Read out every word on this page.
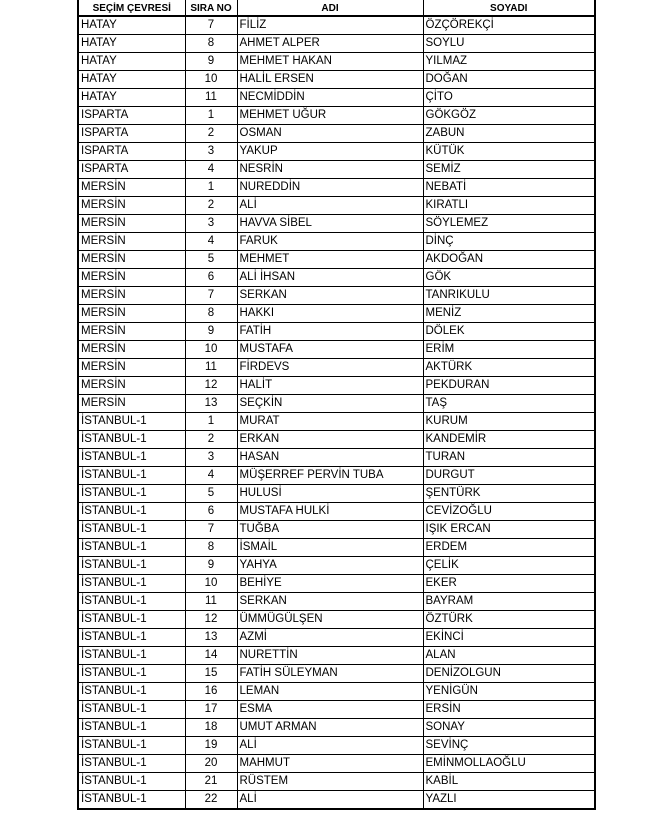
SEÇİM ÇEVRESİ	SIRA NO	ADI	SOYADI
HATAY	7	FİLİZ	ÖZÇÖREKÇİ
HATAY	8	AHMET ALPER	SOYLU
HATAY	9	MEHMET HAKAN	YILMAZ
HATAY	10	HALİL ERSEN	DOĞAN
HATAY	11	NECMİDDİN	ÇİTO
ISPARTA	1	MEHMET UĞUR	GÖKGÖZ
ISPARTA	2	OSMAN	ZABUN
ISPARTA	3	YAKUP	KÜTÜK
ISPARTA	4	NESRİN	SEMİZ
MERSİN	1	NUREDDİN	NEBATİ
MERSİN	2	ALİ	KIRATLI
MERSİN	3	HAVVA SİBEL	SÖYLEMEZ
MERSİN	4	FARUK	DİNÇ
MERSİN	5	MEHMET	AKDOĞAN
MERSİN	6	ALİ İHSAN	GÖK
MERSİN	7	SERKAN	TANRIKULU
MERSİN	8	HAKKI	MENİZ
MERSİN	9	FATİH	DÖLEK
MERSİN	10	MUSTAFA	ERİM
MERSİN	11	FİRDEVS	AKTÜRK
MERSİN	12	HALİT	PEKDURAN
MERSİN	13	SEÇKİN	TAŞ
İSTANBUL-1	1	MURAT	KURUM
İSTANBUL-1	2	ERKAN	KANDEMİR
İSTANBUL-1	3	HASAN	TURAN
İSTANBUL-1	4	MÜŞERREF PERVİN TUBA	DURGUT
İSTANBUL-1	5	HULUSİ	ŞENTÜRK
İSTANBUL-1	6	MUSTAFA HULKİ	CEVİZOĞLU
İSTANBUL-1	7	TUĞBA	IŞIK ERCAN
İSTANBUL-1	8	İSMAİL	ERDEM
İSTANBUL-1	9	YAHYA	ÇELİK
İSTANBUL-1	10	BEHİYE	EKER
İSTANBUL-1	11	SERKAN	BAYRAM
İSTANBUL-1	12	ÜMMÜGÜLŞEN	ÖZTÜRK
İSTANBUL-1	13	AZMİ	EKİNCİ
İSTANBUL-1	14	NURETTİN	ALAN
İSTANBUL-1	15	FATİH SÜLEYMAN	DENİZOLGUN
İSTANBUL-1	16	LEMAN	YENİGÜN
İSTANBUL-1	17	ESMA	ERSİN
İSTANBUL-1	18	UMUT ARMAN	SONAY
İSTANBUL-1	19	ALİ	SEVİNÇ
İSTANBUL-1	20	MAHMUT	EMİNMOLLAOĞLU
İSTANBUL-1	21	RÜSTEM	KABİL
İSTANBUL-1	22	ALİ	YAZLI
